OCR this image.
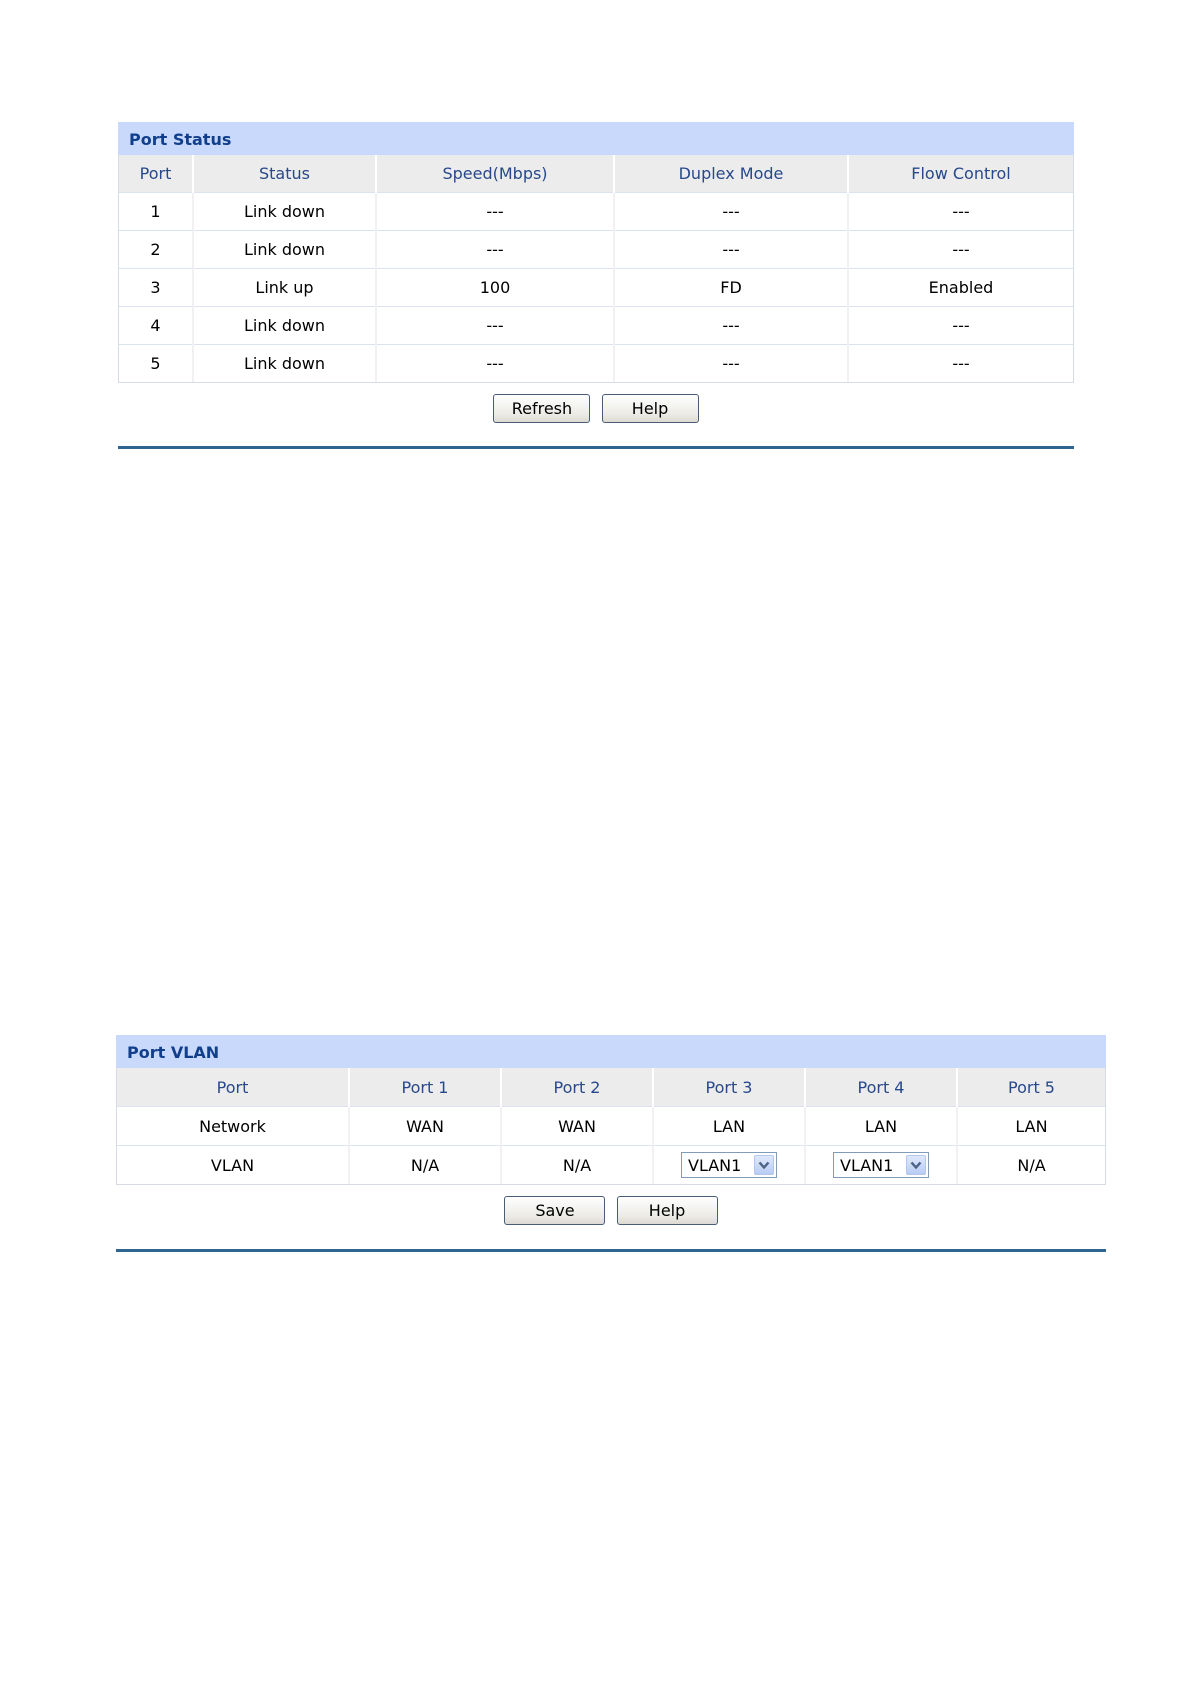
Port Status
Port	Status	Speed(Mbps)	Duplex Mode	Flow Control
1	Link down	---	---	---
2	Link down	---	---	---
3	Link up	100	FD	Enabled
4	Link down	---	---	---
5	Link down	---	---	---
Refresh	Help
Port VLAN
Port	Port 1	Port 2	Port 3	Port 4	Port 5
Network	WAN	WAN	LAN	LAN	LAN
VLAN	N/A	N/A	VLAN1	VLAN1	N/A
Save	Help
